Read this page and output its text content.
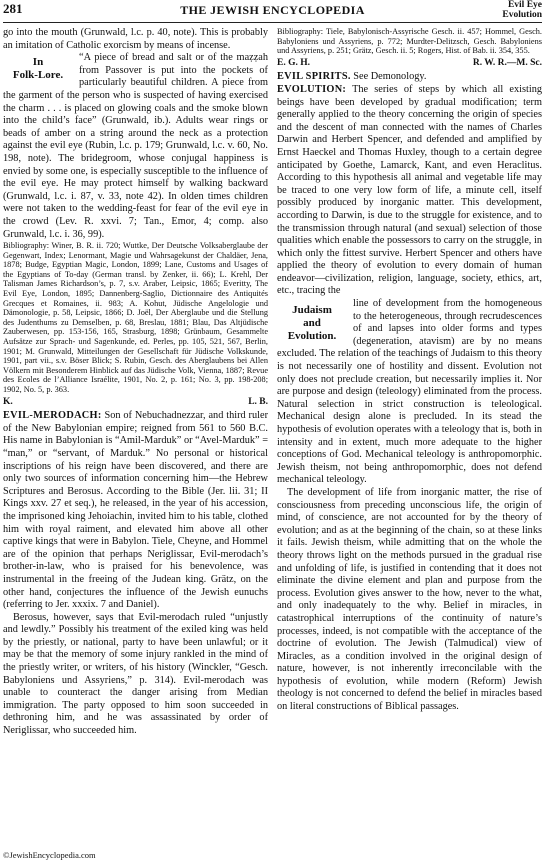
281	THE JEWISH ENCYCLOPEDIA	Evil Eye
Evolution

go into the mouth (Grunwald, l.c. p. 40, note). This is probably an imitation of Catholic exorcism by means of incense.

In
Folk-Lore.

“A piece of bread and salt or of the maẓẓah from Passover is put into the pockets of particularly beautiful children. A piece from the garment of the person who is suspected of having exercised the charm . . . is placed on glowing coals and the smoke blown into the child’s face” (Grunwald, ib.). Adults wear rings or beads of amber on a string around the neck as a protection against the evil eye (Rubin, l.c. p. 179; Grunwald, l.c. v. 60, No. 198, note). The bridegroom, whose conjugal happiness is envied by some one, is especially susceptible to the influence of the evil eye. He may protect himself by walking backward (Grunwald, l.c. i. 87, v. 33, note 42). In olden times children were not taken to the wedding-feast for fear of the evil eye in the crowd (Lev. R. xxvi. 7; Tan., Emor, 4; comp. also Grunwald, l.c. i. 36, 99).

Bibliography: Winer, B. R. ii. 720; Wuttke, Der Deutsche Volksaberglaube der Gegenwart, Index; Lenormant, Magie und Wahrsagekunst der Chaldäer, Jena, 1878; Budge, Egyptian Magic, London, 1899; Lane, Customs and Usages of the Egyptians of To-day (German transl. by Zenker, ii. 66); L. Krehl, Der Talisman James Richardson’s, p. 7, s.v. Araber, Leipsic, 1865; Everitty, The Evil Eye, London, 1895; Dannenberg-Saglio, Dictionnaire des Antiquités Grecques et Romaines, ii. 983; A. Kohut, Jüdische Angelologie und Dämonologie, p. 58, Leipsic, 1866; D. Joël, Der Aberglaube und die Stellung des Judenthums zu Demselben, p. 68, Breslau, 1881; Blau, Das Altjüdische Zauberwesen, pp. 153-156, 165, Strasburg, 1898; Grünbaum, Gesammelte Aufsätze zur Sprach- und Sagenkunde, ed. Perles, pp. 105, 521, 567, Berlin, 1901; M. Grunwald, Mitteilungen der Gesellschaft für Jüdische Volkskunde, 1901, part vii., s.v. Böser Blick; S. Rubin, Gesch. des Aberglaubens bei Allen Völkern mit Besonderem Hinblick auf das Jüdische Volk, Vienna, 1887; Revue des Ecoles de l’Alliance Israélite, 1901, No. 2, p. 161; No. 3, pp. 198-208; 1902, No. 5, p. 363.

K.	L. B.

EVIL-MERODACH: Son of Nebuchadnezzar, and third ruler of the New Babylonian empire; reigned from 561 to 560 B.C. His name in Babylonian is “Amil-Marduk” or “Avel-Marduk” = “man,” or “servant, of Marduk.” No personal or historical inscriptions of his reign have been discovered, and there are only two sources of information concerning him—the Hebrew Scriptures and Berosus. According to the Bible (Jer. lii. 31; II Kings xxv. 27 et seq.), he released, in the year of his accession, the imprisoned king Jehoiachin, invited him to his table, clothed him with royal raiment, and elevated him above all other captive kings that were in Babylon. Tiele, Cheyne, and Hommel are of the opinion that perhaps Neriglissar, Evil-merodach’s brother-in-law, who is praised for his benevolence, was instrumental in the freeing of the Judean king. Grätz, on the other hand, conjectures the influence of the Jewish eunuchs (referring to Jer. xxxix. 7 and Daniel).

Berosus, however, says that Evil-merodach ruled “unjustly and lewdly.” Possibly his treatment of the exiled king was held by the priestly, or national, party to have been unlawful; or it may be that the memory of some injury rankled in the mind of the priestly writer, or writers, of his history (Winckler, “Gesch. Babyloniens und Assyriens,” p. 314). Evil-merodach was unable to counteract the danger arising from Median immigration. The party opposed to him soon succeeded in dethroning him, and he was assassinated by order of Neriglissar, who succeeded him.

Bibliography: Tiele, Babylonisch-Assyrische Gesch. ii. 457; Hommel, Gesch. Babyloniens und Assyriens, p. 772; Murdter-Delitzsch, Gesch. Babyloniens und Assyriens, p. 251; Grätz, Gesch. ii. 5; Rogers, Hist. of Bab. ii. 354, 355.

E. G. H.	R. W. R.—M. Sc.

EVIL SPIRITS. See Demonology.

EVOLUTION: The series of steps by which all existing beings have been developed by gradual modification; term generally applied to the theory concerning the origin of species and the descent of man connected with the names of Charles Darwin and Herbert Spencer, and defended and amplified by Ernst Haeckel and Thomas Huxley, though to a certain degree anticipated by Goethe, Lamarck, Kant, and even Heraclitus. According to this hypothesis all animal and vegetable life may be traced to one very low form of life, a minute cell, itself possibly produced by inorganic matter. This development, according to Darwin, is due to the struggle for existence, and to the transmission through natural (and sexual) selection of those qualities which enable the possessors to carry on the struggle, in which only the fittest survive. Herbert Spencer and others have applied the theory of evolution to every domain of human endeavor—civilization, religion, language, society, ethics, art, etc., tracing the

Judaism
and
Evolution.

line of development from the homogeneous to the heterogeneous, through recrudescences of and lapses into older forms and types (degeneration, atavism) are by no means excluded. The relation of the teachings of Judaism to this theory is not necessarily one of hostility and dissent. Evolution not only does not preclude creation, but necessarily implies it. Nor are purpose and design (teleology) eliminated from the process. Natural selection in strict construction is teleological. Mechanical design alone is precluded. In its stead the hypothesis of evolution operates with a teleology that is, both in intensity and in extent, much more adequate to the higher conceptions of God. Mechanical teleology is anthropomorphic. Jewish theism, not being anthropomorphic, does not defend mechanical teleology.

The development of life from inorganic matter, the rise of consciousness from preceding unconscious life, the origin of mind, of conscience, are not accounted for by the theory of evolution; and as at the beginning of the chain, so at these links it fails. Jewish theism, while admitting that on the whole the theory throws light on the methods pursued in the gradual rise and unfolding of life, is justified in contending that it does not eliminate the divine element and plan and purpose from the process. Evolution gives answer to the how, never to the what, and only inadequately to the why. Belief in miracles, in catastrophical interruptions of the continuity of nature’s processes, indeed, is not compatible with the acceptance of the doctrine of evolution. The Jewish (Talmudical) view of Miracles, as a condition involved in the original design of nature, however, is not inherently irreconcilable with the hypothesis of evolution, while modern (Reform) Jewish theology is not concerned to defend the belief in miracles based on literal constructions of Biblical passages.

©JewishEncyclopedia.com
